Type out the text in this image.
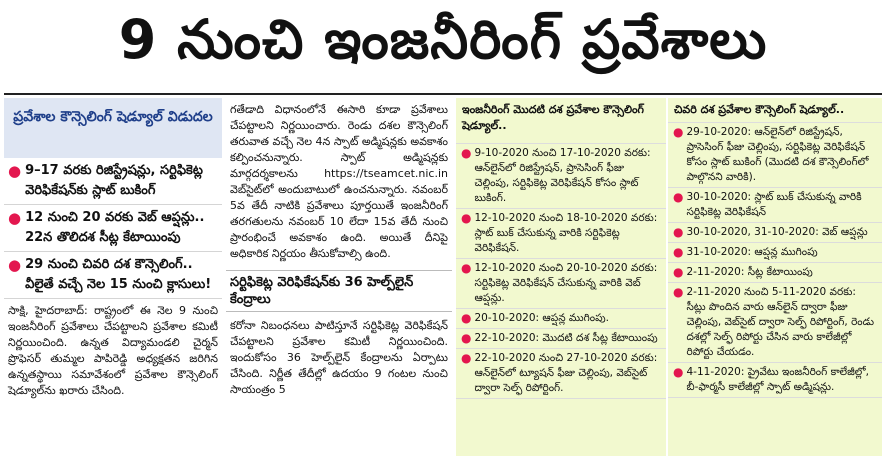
9 నుంచి ఇంజనీరింగ్ ప్రవేశాలు
ప్రవేశాల కౌన్సెలింగ్ షెడ్యూల్ విడుదల
● 9–17 వరకు రిజిస్ట్రేషన్లు, సర్టిఫికెట్ల వెరిఫికేషన్‌కు స్లాట్ బుకింగ్
● 12 నుంచి 20 వరకు వెబ్ ఆప్షన్లు.. 22న తొలిదశ సీట్ల కేటాయింపు
● 29 నుంచి చివరి దశ కౌన్సెలింగ్.. వీలైతే వచ్చే నెల 15 నుంచి క్లాసులు!
సాక్షి, హైదరాబాద్: రాష్ట్రంలో ఈ నెల 9 నుంచి ఇంజనీరింగ్ ప్రవేశాలు చేపట్టాలని ప్రవేశాల కమిటీ నిర్ణయించింది. ఉన్నత విద్యామండలి చైర్మన్ ప్రొఫెసర్ తుమ్మల పాపిరెడ్డి అధ్యక్షతన జరిగిన ఉన్నతస్థాయి సమావేశంలో ప్రవేశాల కౌన్సెలింగ్ షెడ్యూల్‌ను ఖరారు చేసింది.
గతేడాది విధానంలోనే ఈసారి కూడా ప్రవేశాలు చేపట్టాలని నిర్ణయించారు. రెండు దశల కౌన్సెలింగ్ తరువాత వచ్చే నెల 4న స్పాట్ అడ్మిషన్లకు అవకాశం కల్పించనున్నారు. స్పాట్ అడ్మిషన్లకు మార్గదర్శకాలను https://tseamcet.nic.in వెబ్‌సైట్‌లో అందుబాటులో ఉంచనున్నారు. నవంబర్ 5వ తేదీ నాటికి ప్రవేశాలు పూర్తయితే ఇంజనీరింగ్ తరగతులను నవంబర్ 10 లేదా 15వ తేదీ నుంచి ప్రారంభించే అవకాశం ఉంది. అయితే దీనిపై అధికారిక నిర్ణయం తీసుకోవాల్సి ఉంది.
సర్టిఫికెట్ల వెరిఫికేషన్‌కు 36 హెల్ప్‌లైన్ కేంద్రాలు
కరోనా నిబంధనలు పాటిస్తూనే సర్టిఫికెట్ల వెరిఫికేషన్ చేపట్టాలని ప్రవేశాల కమిటీ నిర్ణయించింది. ఇందుకోసం 36 హెల్ప్‌లైన్ కేంద్రాలను ఏర్పాటు చేసింది. నిర్ణీత తేదీల్లో ఉదయం 9 గంటల నుంచి సాయంత్రం 5
ఇంజనీరింగ్ మొదటి దశ ప్రవేశాల కౌన్సెలింగ్ షెడ్యూల్..
● 9-10-2020 నుంచి 17-10-2020 వరకు: ఆన్‌లైన్‌లో రిజిస్ట్రేషన్, ప్రాసెసింగ్ ఫీజు చెల్లింపు, సర్టిఫికెట్ల వెరిఫికేషన్ కోసం స్లాట్ బుకింగ్.
● 12-10-2020 నుంచి 18-10-2020 వరకు: స్లాట్ బుక్ చేసుకున్న వారికి సర్టిఫికెట్ల వెరిఫికేషన్.
● 12-10-2020 నుంచి 20-10-2020 వరకు: సర్టిఫికెట్ల వెరిఫికేషన్ చేసుకున్న వారికి వెబ్ ఆప్షన్లు.
● 20-10-2020: ఆప్షన్ల ముగింపు.
● 22-10-2020: మొదటి దశ సీట్ల కేటాయింపు
● 22-10-2020 నుంచి 27-10-2020 వరకు: ఆన్‌లైన్‌లో ట్యూషన్ ఫీజు చెల్లింపు, వెబ్‌సైట్ ద్వారా సెల్ఫ్ రిపోర్టింగ్.
చివరి దశ ప్రవేశాల కౌన్సెలింగ్ షెడ్యూల్..
● 29-10-2020: ఆన్‌లైన్‌లో రిజిస్ట్రేషన్, ప్రాసెసింగ్ ఫీజు చెల్లింపు, సర్టిఫికెట్ల వెరిఫికేషన్ కోసం స్లాట్ బుకింగ్ (మొదటి దశ కౌన్సెలింగ్‌లో పాల్గొనని వారికి).
● 30-10-2020: స్లాట్ బుక్ చేసుకున్న వారికి సర్టిఫికెట్ల వెరిఫికేషన్
● 30-10-2020, 31-10-2020: వెబ్ ఆప్షన్లు
● 31-10-2020: ఆప్షన్ల ముగింపు
● 2-11-2020: సీట్ల కేటాయింపు
● 2-11-2020 నుంచి 5-11-2020 వరకు: సీట్లు పొందిన వారు ఆన్‌లైన్ ద్వారా ఫీజు చెల్లింపు, వెబ్‌సైట్ ద్వారా సెల్ఫ్ రిపోర్టింగ్, రెండు దశల్లో సెల్ఫ్ రిపోర్టు చేసిన వారు కాలేజీల్లో రిపోర్టు చేయడం.
● 4-11-2020: ప్రైవేటు ఇంజనీరింగ్ కాలేజీల్లో, బీ-ఫార్మసీ కాలేజీల్లో స్పాట్ అడ్మిషన్లు.
